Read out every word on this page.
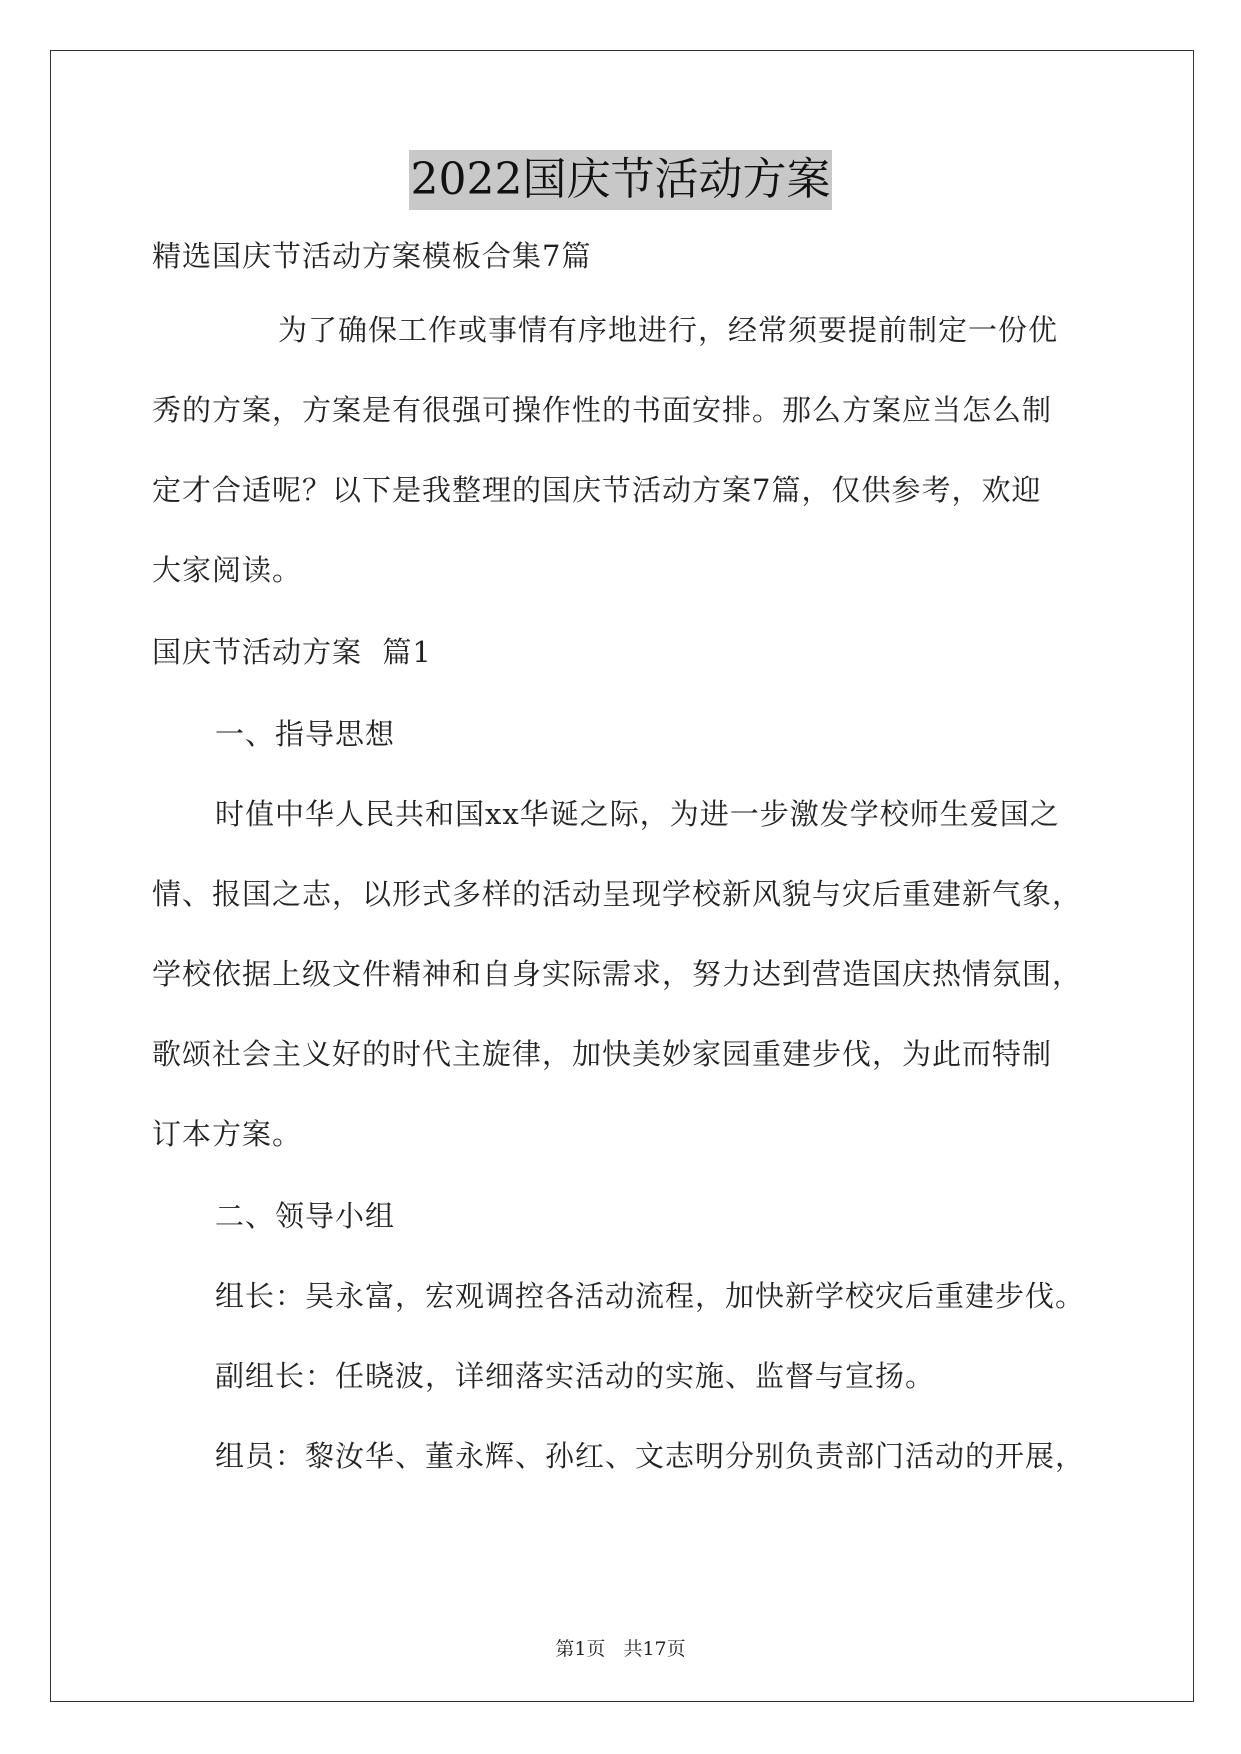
2022国庆节活动方案

精选国庆节活动方案模板合集7篇

为了确保工作或事情有序地进行，经常须要提前制定一份优

秀的方案，方案是有很强可操作性的书面安排。那么方案应当怎么制

定才合适呢？以下是我整理的国庆节活动方案7篇，仅供参考，欢迎

大家阅读。

国庆节活动方案  篇1

一、指导思想

时值中华人民共和国xx华诞之际，为进一步激发学校师生爱国之

情、报国之志，以形式多样的活动呈现学校新风貌与灾后重建新气象，

学校依据上级文件精神和自身实际需求，努力达到营造国庆热情氛围，

歌颂社会主义好的时代主旋律，加快美妙家园重建步伐，为此而特制

订本方案。

二、领导小组

组长：吴永富，宏观调控各活动流程，加快新学校灾后重建步伐。

副组长：任晓波，详细落实活动的实施、监督与宣扬。

组员：黎汝华、董永辉、孙红、文志明分别负责部门活动的开展，

第1页 共17页
